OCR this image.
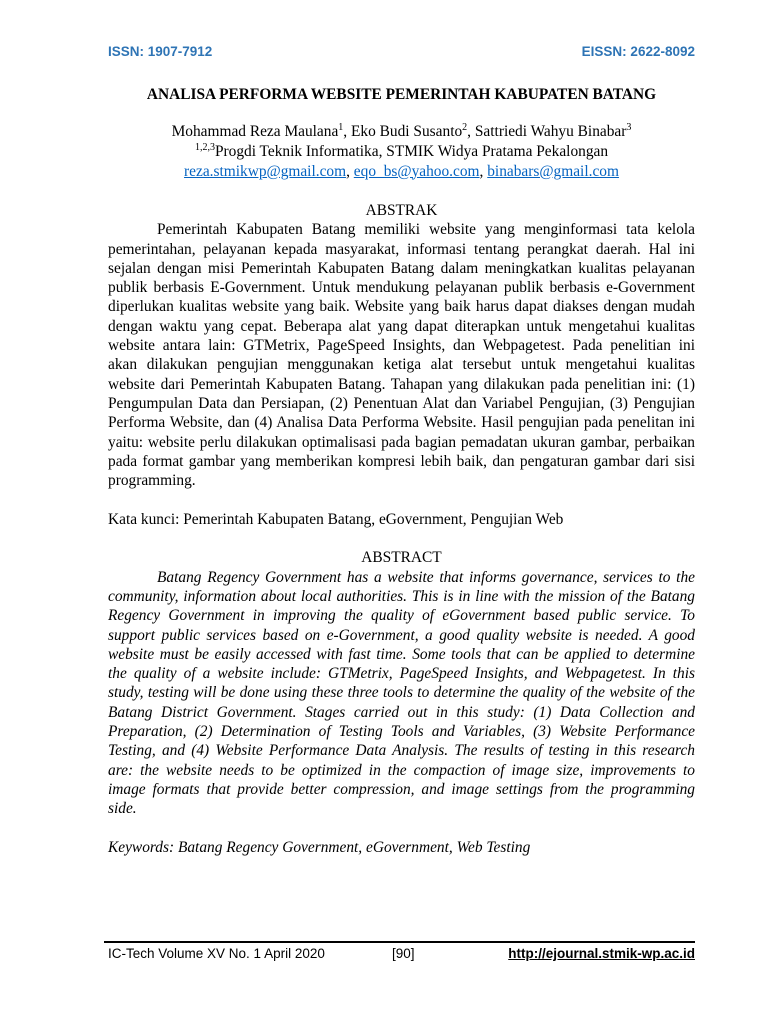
ISSN: 1907-7912	EISSN: 2622-8092
ANALISA PERFORMA WEBSITE PEMERINTAH KABUPATEN BATANG
Mohammad Reza Maulana$^1$, Eko Budi Susanto$^2$, Sattriedi Wahyu Binabar$^3$
$^{1,2,3}$Progdi Teknik Informatika, STMIK Widya Pratama Pekalongan
reza.stmikwp@gmail.com, eqo_bs@yahoo.com, binabars@gmail.com
ABSTRAK
Pemerintah Kabupaten Batang memiliki website yang menginformasi tata kelola
pemerintahan, pelayanan kepada masyarakat, informasi tentang perangkat daerah. Hal ini
sejalan dengan misi Pemerintah Kabupaten Batang dalam meningkatkan kualitas pelayanan
publik berbasis E-Government. Untuk mendukung pelayanan publik berbasis e-Government
diperlukan kualitas website yang baik. Website yang baik harus dapat diakses dengan mudah
dengan waktu yang cepat. Beberapa alat yang dapat diterapkan untuk mengetahui kualitas
website antara lain: GTMetrix, PageSpeed Insights, dan Webpagetest. Pada penelitian ini
akan dilakukan pengujian menggunakan ketiga alat tersebut untuk mengetahui kualitas
website dari Pemerintah Kabupaten Batang. Tahapan yang dilakukan pada penelitian ini: (1)
Pengumpulan Data dan Persiapan, (2) Penentuan Alat dan Variabel Pengujian, (3) Pengujian
Performa Website, dan (4) Analisa Data Performa Website. Hasil pengujian pada penelitan ini
yaitu: website perlu dilakukan optimalisasi pada bagian pemadatan ukuran gambar, perbaikan
pada format gambar yang memberikan kompresi lebih baik, dan pengaturan gambar dari sisi
programming.
Kata kunci: Pemerintah Kabupaten Batang, eGovernment, Pengujian Web
ABSTRACT
Batang Regency Government has a website that informs governance, services to the
community, information about local authorities. This is in line with the mission of the Batang
Regency Government in improving the quality of eGovernment based public service. To
support public services based on e-Government, a good quality website is needed. A good
website must be easily accessed with fast time. Some tools that can be applied to determine
the quality of a website include: GTMetrix, PageSpeed Insights, and Webpagetest. In this
study, testing will be done using these three tools to determine the quality of the website of the
Batang District Government. Stages carried out in this study: (1) Data Collection and
Preparation, (2) Determination of Testing Tools and Variables, (3) Website Performance
Testing, and (4) Website Performance Data Analysis. The results of testing in this research
are: the website needs to be optimized in the compaction of image size, improvements to
image formats that provide better compression, and image settings from the programming
side.
Keywords: Batang Regency Government, eGovernment, Web Testing
IC-Tech Volume XV No. 1 April 2020	[90]	http://ejournal.stmik-wp.ac.id
